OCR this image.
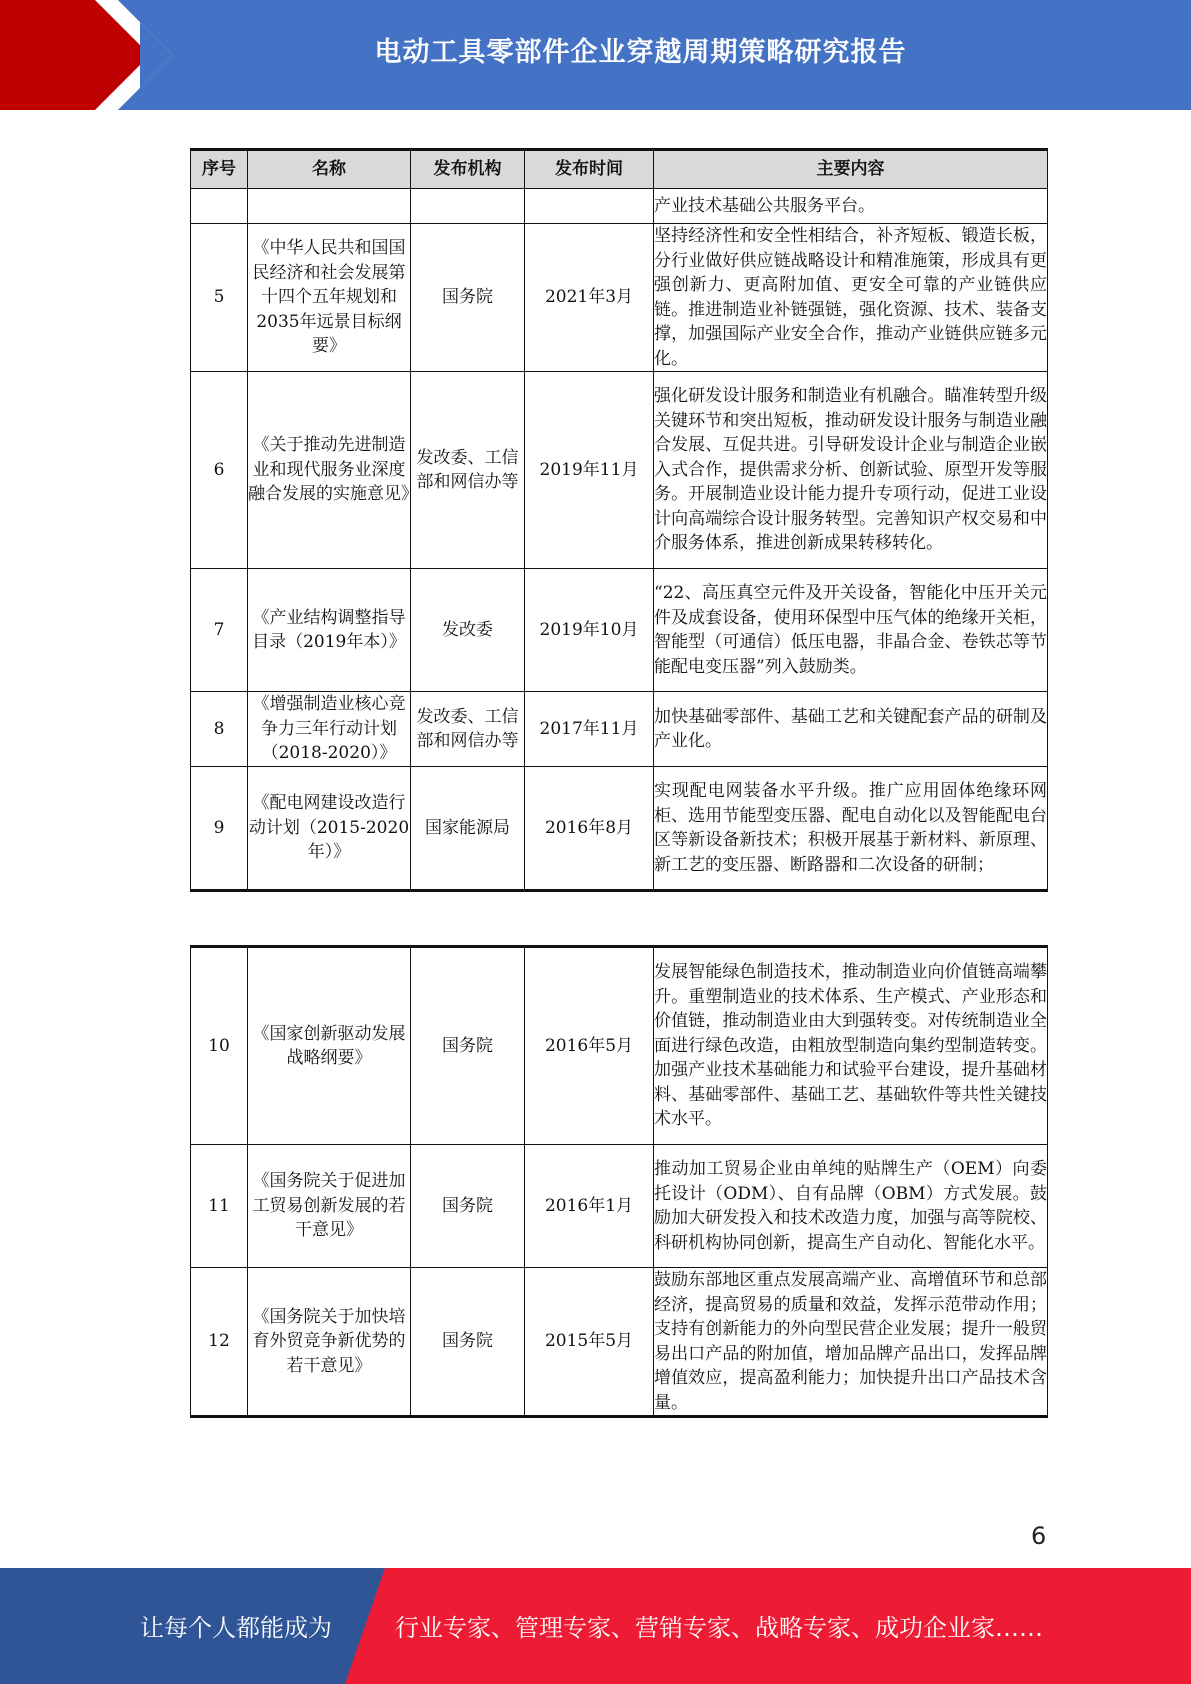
电动工具零部件企业穿越周期策略研究报告
序号	名称	发布机构	发布时间	主要内容
				产业技术基础公共服务平台。
5	《中华人民共和国国民经济和社会发展第十四个五年规划和2035年远景目标纲要》	国务院	2021年3月	坚持经济性和安全性相结合，补齐短板、锻造长板，分行业做好供应链战略设计和精准施策，形成具有更强创新力、更高附加值、更安全可靠的产业链供应链。推进制造业补链强链，强化资源、技术、装备支撑，加强国际产业安全合作，推动产业链供应链多元化。
6	《关于推动先进制造业和现代服务业深度融合发展的实施意见》	发改委、工信部和网信办等	2019年11月	强化研发设计服务和制造业有机融合。瞄准转型升级关键环节和突出短板，推动研发设计服务与制造业融合发展、互促共进。引导研发设计企业与制造企业嵌入式合作，提供需求分析、创新试验、原型开发等服务。开展制造业设计能力提升专项行动，促进工业设计向高端综合设计服务转型。完善知识产权交易和中介服务体系，推进创新成果转移转化。
7	《产业结构调整指导目录（2019年本）》	发改委	2019年10月	“22、高压真空元件及开关设备，智能化中压开关元件及成套设备，使用环保型中压气体的绝缘开关柜，智能型（可通信）低压电器，非晶合金、卷铁芯等节能配电变压器”列入鼓励类。
8	《增强制造业核心竞争力三年行动计划（2018-2020）》	发改委、工信部和网信办等	2017年11月	加快基础零部件、基础工艺和关键配套产品的研制及产业化。
9	《配电网建设改造行动计划（2015-2020年）》	国家能源局	2016年8月	实现配电网装备水平升级。推广应用固体绝缘环网柜、选用节能型变压器、配电自动化以及智能配电台区等新设备新技术；积极开展基于新材料、新原理、新工艺的变压器、断路器和二次设备的研制；
10	《国家创新驱动发展战略纲要》	国务院	2016年5月	发展智能绿色制造技术，推动制造业向价值链高端攀升。重塑制造业的技术体系、生产模式、产业形态和价值链，推动制造业由大到强转变。对传统制造业全面进行绿色改造，由粗放型制造向集约型制造转变。加强产业技术基础能力和试验平台建设，提升基础材料、基础零部件、基础工艺、基础软件等共性关键技术水平。
11	《国务院关于促进加工贸易创新发展的若干意见》	国务院	2016年1月	推动加工贸易企业由单纯的贴牌生产（OEM）向委托设计（ODM）、自有品牌（OBM）方式发展。鼓励加大研发投入和技术改造力度，加强与高等院校、科研机构协同创新，提高生产自动化、智能化水平。
12	《国务院关于加快培育外贸竞争新优势的若干意见》	国务院	2015年5月	鼓励东部地区重点发展高端产业、高增值环节和总部经济，提高贸易的质量和效益，发挥示范带动作用；支持有创新能力的外向型民营企业发展；提升一般贸易出口产品的附加值，增加品牌产品出口，发挥品牌增值效应，提高盈利能力；加快提升出口产品技术含量。
6
让每个人都能成为	行业专家、管理专家、营销专家、战略专家、成功企业家……
